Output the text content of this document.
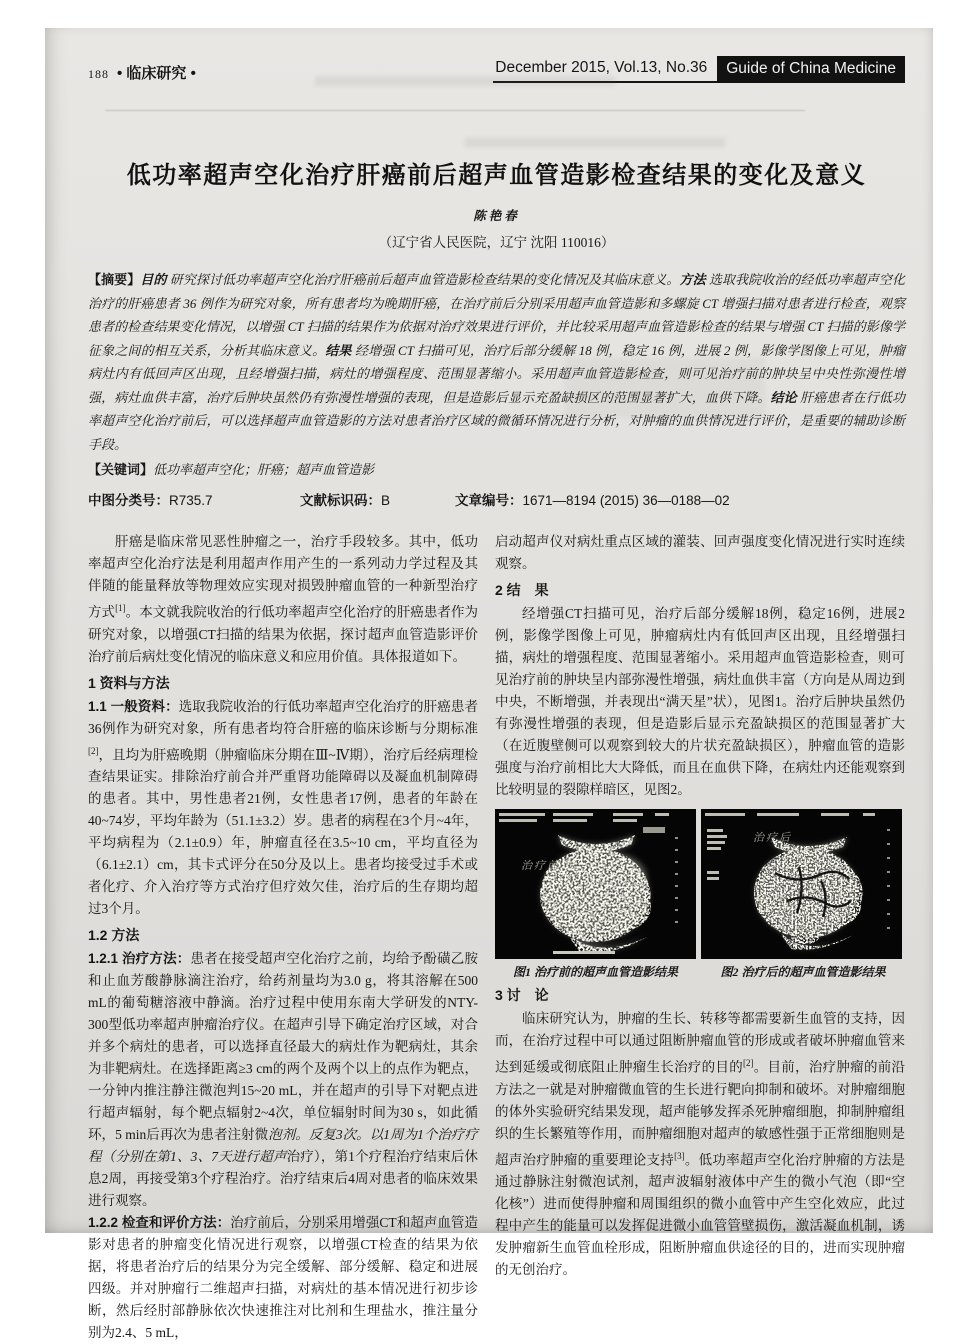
188 • 临床研究 •	December 2015, Vol.13, No.36	Guide of China Medicine
低功率超声空化治疗肝癌前后超声血管造影检查结果的变化及意义
陈艳春
（辽宁省人民医院，辽宁 沈阳 110016）
【摘要】目的 研究探讨低功率超声空化治疗肝癌前后超声血管造影检查结果的变化情况及其临床意义。方法 选取我院收治的经低功率超声空化治疗的肝癌患者 36 例作为研究对象，所有患者均为晚期肝癌，在治疗前后分别采用超声血管造影和多螺旋 CT 增强扫描对患者进行检查，观察患者的检查结果变化情况，以增强 CT 扫描的结果作为依据对治疗效果进行评价，并比较采用超声血管造影检查的结果与增强 CT 扫描的影像学征象之间的相互关系，分析其临床意义。结果 经增强 CT 扫描可见，治疗后部分缓解 18 例，稳定 16 例，进展 2 例，影像学图像上可见，肿瘤病灶内有低回声区出现，且经增强扫描，病灶的增强程度、范围显著缩小。采用超声血管造影检查，则可见治疗前的肿块呈中央性弥漫性增强，病灶血供丰富，治疗后肿块虽然仍有弥漫性增强的表现，但是造影后显示充盈缺损区的范围显著扩大，血供下降。结论 肝癌患者在行低功率超声空化治疗前后，可以选择超声血管造影的方法对患者治疗区域的微循环情况进行分析，对肿瘤的血供情况进行评价，是重要的辅助诊断手段。
【关键词】低功率超声空化；肝癌；超声血管造影
中图分类号：R735.7	文献标识码：B	文章编号：1671—8194 (2015) 36—0188—02

肝癌是临床常见恶性肿瘤之一，治疗手段较多。其中，低功率超声空化治疗法是利用超声作用产生的一系列动力学过程及其伴随的能量释放等物理效应实现对损毁肿瘤血管的一种新型治疗方式[1]。本文就我院收治的行低功率超声空化治疗的肝癌患者作为研究对象，以增强CT扫描的结果为依据，探讨超声血管造影评价治疗前后病灶变化情况的临床意义和应用价值。具体报道如下。

1 资料与方法

1.1 一般资料：选取我院收治的行低功率超声空化治疗的肝癌患者36例作为研究对象，所有患者均符合肝癌的临床诊断与分期标准[2]，且均为肝癌晚期（肿瘤临床分期在Ⅲ~Ⅳ期），治疗后经病理检查结果证实。排除治疗前合并严重肾功能障碍以及凝血机制障碍的患者。其中，男性患者21例，女性患者17例，患者的年龄在40~74岁，平均年龄为（51.1±3.2）岁。患者的病程在3个月~4年，平均病程为（2.1±0.9）年，肿瘤直径在3.5~10 cm，平均直径为（6.1±2.1）cm，其卡式评分在50分及以上。患者均接受过手术或者化疗、介入治疗等方式治疗但疗效欠佳，治疗后的生存期均超过3个月。

1.2 方法

1.2.1 治疗方法：患者在接受超声空化治疗之前，均给予酚磺乙胺和止血芳酸静脉滴注治疗，给药剂量均为3.0 g，将其溶解在500 mL的葡萄糖溶液中静滴。治疗过程中使用东南大学研发的NTY-300型低功率超声肿瘤治疗仪。在超声引导下确定治疗区域，对合并多个病灶的患者，可以选择直径最大的病灶作为靶病灶，其余为非靶病灶。在选择距离≥3 cm的两个及两个以上的点作为靶点，一分钟内推注静注微泡判15~20 mL，并在超声的引导下对靶点进行超声辐射，每个靶点辐射2~4次，单位辐射时间为30 s，如此循环，5 min后再次为患者注射微泡剂。反复3次。以1周为1个治疗疗程（分别在第1、3、7天进行超声治疗），第1个疗程治疗结束后休息2周，再接受第3个疗程治疗。治疗结束后4周对患者的临床效果进行观察。

1.2.2 检查和评价方法：治疗前后，分别采用增强CT和超声血管造影对患者的肿瘤变化情况进行观察，以增强CT检查的结果为依据，将患者治疗后的结果分为完全缓解、部分缓解、稳定和进展四级。并对肿瘤行二维超声扫描，对病灶的基本情况进行初步诊断，然后经肘部静脉依次快速推注对比剂和生理盐水，推注量分别为2.4、5 mL，

启动超声仪对病灶重点区域的灌装、回声强度变化情况进行实时连续观察。

2 结　果

经增强CT扫描可见，治疗后部分缓解18例，稳定16例，进展2例，影像学图像上可见，肿瘤病灶内有低回声区出现，且经增强扫描，病灶的增强程度、范围显著缩小。采用超声血管造影检查，则可见治疗前的肿块呈内部弥漫性增强，病灶血供丰富（方向是从周边到中央，不断增强，并表现出“满天星”状），见图1。治疗后肿块虽然仍有弥漫性增强的表现，但是造影后显示充盈缺损区的范围显著扩大（在近腹壁侧可以观察到较大的片状充盈缺损区），肿瘤血管的造影强度与治疗前相比大大降低，而且在血供下降，在病灶内还能观察到比较明显的裂隙样暗区，见图2。

治疗前
治疗后
图1 治疗前的超声血管造影结果	图2 治疗后的超声血管造影结果
3 讨　论

临床研究认为，肿瘤的生长、转移等都需要新生血管的支持，因而，在治疗过程中可以通过阻断肿瘤血管的形成或者破坏肿瘤血管来达到延缓或彻底阻止肿瘤生长治疗的目的[2]。目前，治疗肿瘤的前沿方法之一就是对肿瘤微血管的生长进行靶向抑制和破坏。对肿瘤细胞的体外实验研究结果发现，超声能够发挥杀死肿瘤细胞，抑制肿瘤组织的生长繁殖等作用，而肿瘤细胞对超声的敏感性强于正常细胞则是超声治疗肿瘤的重要理论支持[3]。低功率超声空化治疗肿瘤的方法是通过静脉注射微泡试剂，超声波辐射液体中产生的微小气泡（即“空化核”）进而使得肿瘤和周围组织的微小血管中产生空化效应，此过程中产生的能量可以发挥促进微小血管管壁损伤，激活凝血机制，诱发肿瘤新生血管血栓形成，阻断肿瘤血供途径的目的，进而实现肿瘤的无创治疗。
